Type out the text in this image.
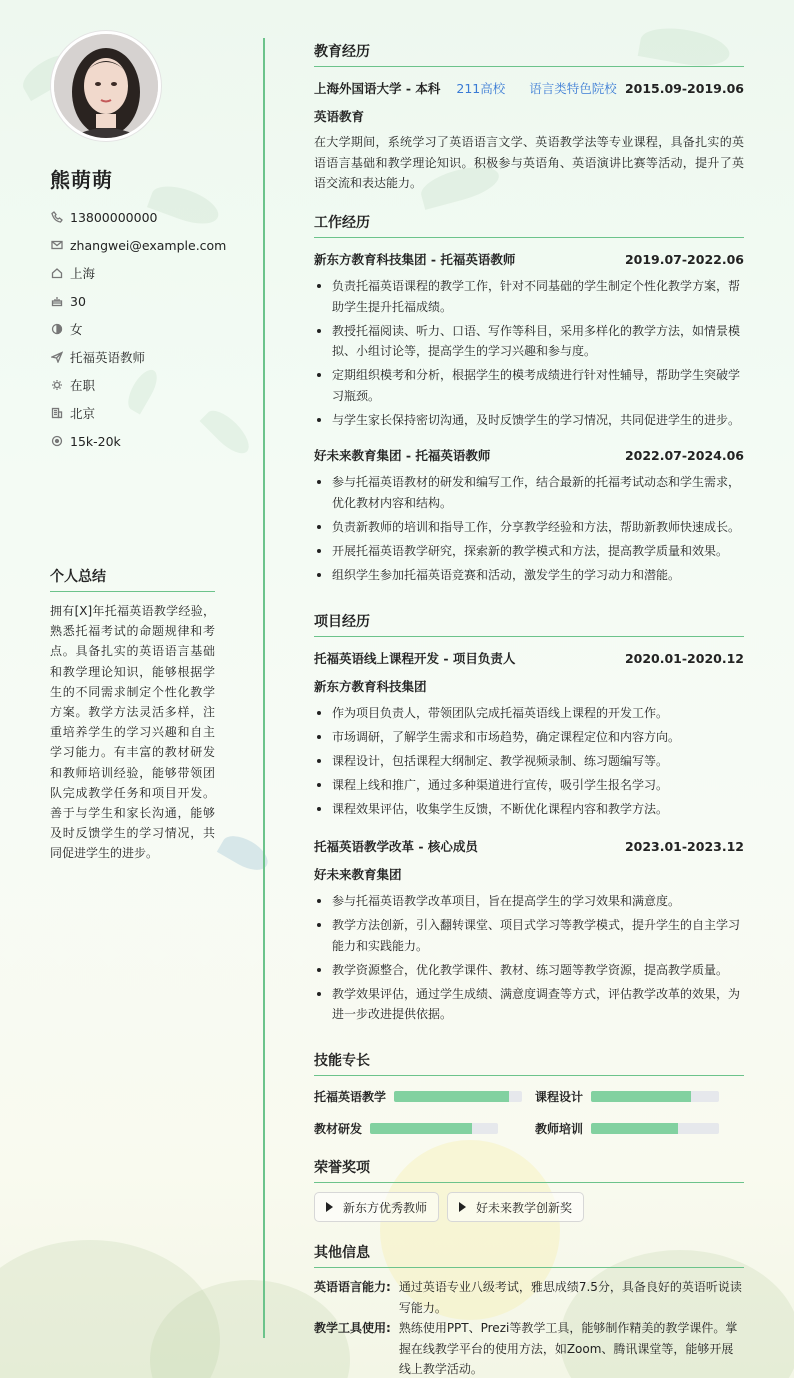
熊萌萌
13800000000
zhangwei@example.com
上海
30
女
托福英语教师
在职
北京
15k-20k
个人总结
拥有[X]年托福英语教学经验，熟悉托福考试的命题规律和考点。具备扎实的英语语言基础和教学理论知识，能够根据学生的不同需求制定个性化教学方案。教学方法灵活多样，注重培养学生的学习兴趣和自主学习能力。有丰富的教材研发和教师培训经验，能够带领团队完成教学任务和项目开发。善于与学生和家长沟通，能够及时反馈学生的学习情况，共同促进学生的进步。
教育经历
上海外国语大学 - 本科 211高校 语言类特色院校 2015.09-2019.06
英语教育
在大学期间，系统学习了英语语言文学、英语教学法等专业课程，具备扎实的英语语言基础和教学理论知识。积极参与英语角、英语演讲比赛等活动，提升了英语交流和表达能力。
工作经历
新东方教育科技集团 - 托福英语教师	2019.07-2022.06
负责托福英语课程的教学工作，针对不同基础的学生制定个性化教学方案，帮助学生提升托福成绩。
教授托福阅读、听力、口语、写作等科目，采用多样化的教学方法，如情景模拟、小组讨论等，提高学生的学习兴趣和参与度。
定期组织模考和分析，根据学生的模考成绩进行针对性辅导，帮助学生突破学习瓶颈。
与学生家长保持密切沟通，及时反馈学生的学习情况，共同促进学生的进步。
好未来教育集团 - 托福英语教师	2022.07-2024.06
参与托福英语教材的研发和编写工作，结合最新的托福考试动态和学生需求，优化教材内容和结构。
负责新教师的培训和指导工作，分享教学经验和方法，帮助新教师快速成长。
开展托福英语教学研究，探索新的教学模式和方法，提高教学质量和效果。
组织学生参加托福英语竞赛和活动，激发学生的学习动力和潜能。
项目经历
托福英语线上课程开发 - 项目负责人	2020.01-2020.12
新东方教育科技集团
作为项目负责人，带领团队完成托福英语线上课程的开发工作。
市场调研，了解学生需求和市场趋势，确定课程定位和内容方向。
课程设计，包括课程大纲制定、教学视频录制、练习题编写等。
课程上线和推广，通过多种渠道进行宣传，吸引学生报名学习。
课程效果评估，收集学生反馈，不断优化课程内容和教学方法。
托福英语教学改革 - 核心成员	2023.01-2023.12
好未来教育集团
参与托福英语教学改革项目，旨在提高学生的学习效果和满意度。
教学方法创新，引入翻转课堂、项目式学习等教学模式，提升学生的自主学习能力和实践能力。
教学资源整合，优化教学课件、教材、练习题等教学资源，提高教学质量。
教学效果评估，通过学生成绩、满意度调查等方式，评估教学改革的效果，为进一步改进提供依据。
技能专长
托福英语教学	课程设计
教材研发	教师培训
荣誉奖项
新东方优秀教师	好未来教学创新奖
其他信息
英语语言能力: 通过英语专业八级考试，雅思成绩7.5分，具备良好的英语听说读写能力。
教学工具使用: 熟练使用PPT、Prezi等教学工具，能够制作精美的教学课件。掌握在线教学平台的使用方法，如Zoom、腾讯课堂等，能够开展线上教学活动。
